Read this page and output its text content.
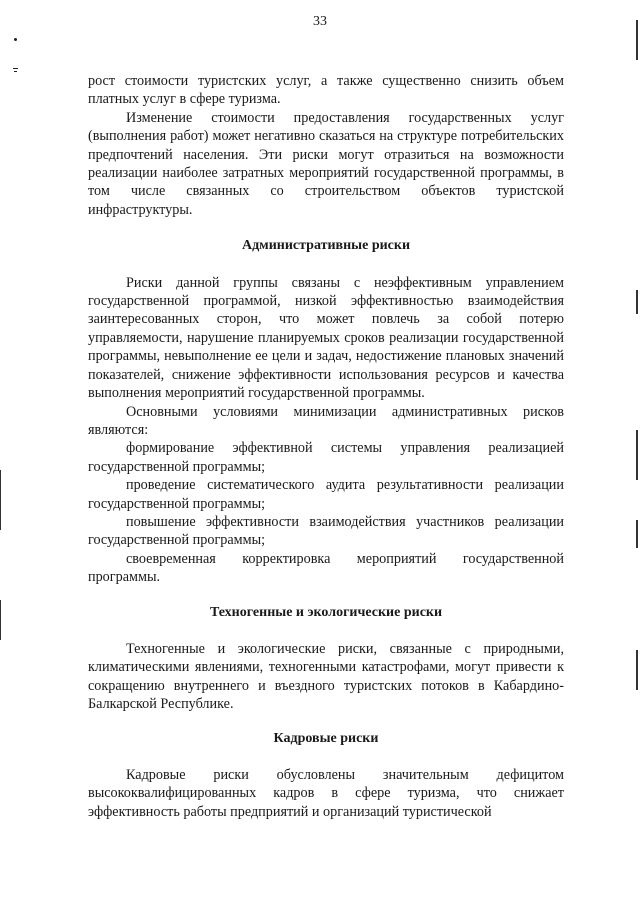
33

рост стоимости туристских услуг, а также существенно снизить объем платных услуг в сфере туризма.

Изменение стоимости предоставления государственных услуг (выполнения работ) может негативно сказаться на структуре потребительских предпочтений населения. Эти риски могут отразиться на возможности реализации наиболее затратных мероприятий государственной программы, в том числе связанных со строительством объектов туристской инфраструктуры.

Административные риски

Риски данной группы связаны с неэффективным управлением государственной программой, низкой эффективностью взаимодействия заинтересованных сторон, что может повлечь за собой потерю управляемости, нарушение планируемых сроков реализации государственной программы, невыполнение ее цели и задач, недостижение плановых значений показателей, снижение эффективности использования ресурсов и качества выполнения мероприятий государственной программы.

Основными условиями минимизации административных рисков являются:

формирование эффективной системы управления реализацией государственной программы;

проведение систематического аудита результативности реализации государственной программы;

повышение эффективности взаимодействия участников реализации государственной программы;

своевременная корректировка мероприятий государственной программы.

Техногенные и экологические риски

Техногенные и экологические риски, связанные с природными, климатическими явлениями, техногенными катастрофами, могут привести к сокращению внутреннего и въездного туристских потоков в Кабардино-Балкарской Республике.

Кадровые риски

Кадровые риски обусловлены значительным дефицитом высококвалифицированных кадров в сфере туризма, что снижает эффективность работы предприятий и организаций туристической
